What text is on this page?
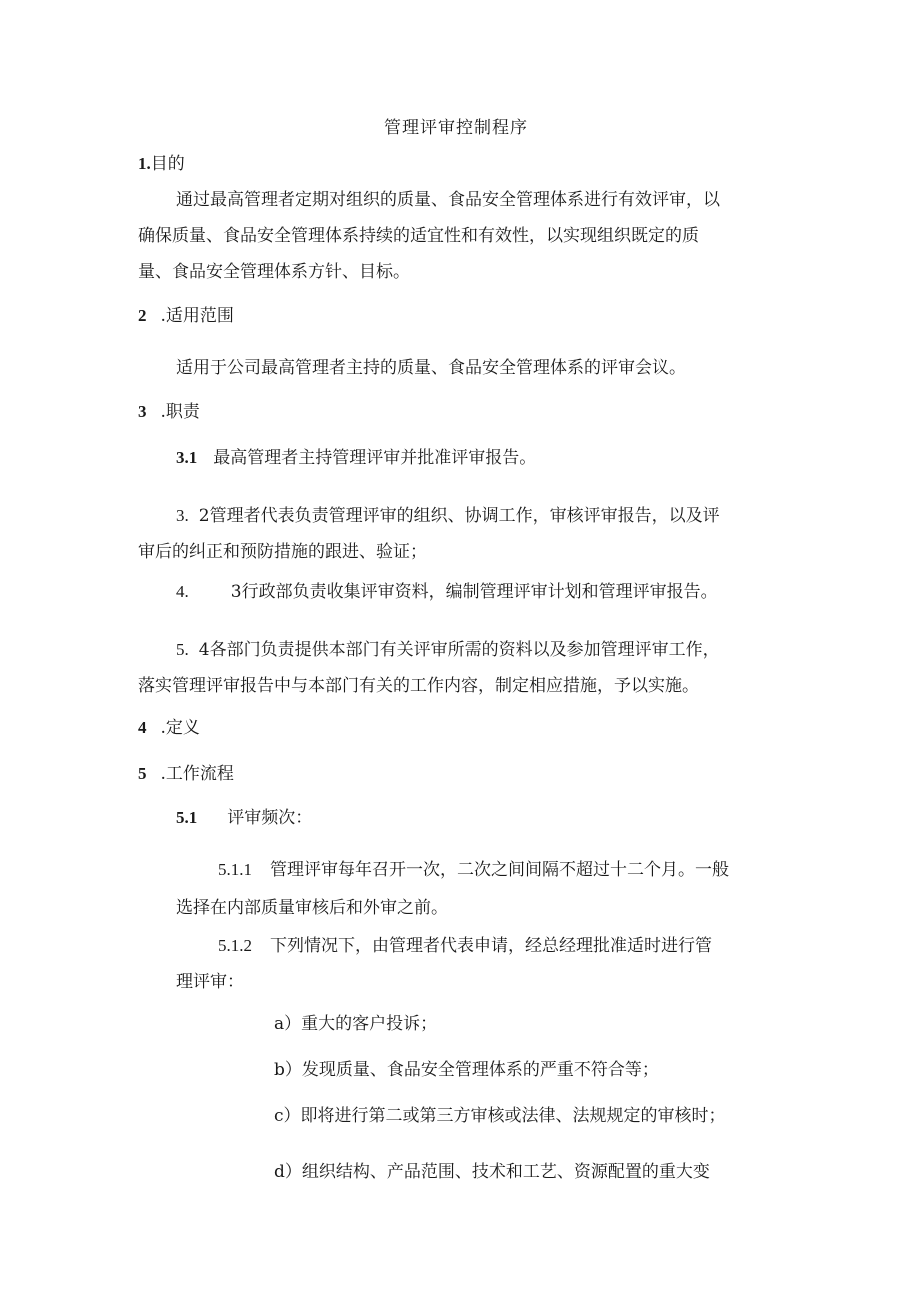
管理评审控制程序
1.目的
通过最高管理者定期对组织的质量、食品安全管理体系进行有效评审，以
确保质量、食品安全管理体系持续的适宜性和有效性，以实现组织既定的质
量、食品安全管理体系方针、目标。
2 .适用范围
适用于公司最高管理者主持的质量、食品安全管理体系的评审会议。
3 .职责
3.1 最高管理者主持管理评审并批准评审报告。
3. 2管理者代表负责管理评审的组织、协调工作，审核评审报告，以及评
审后的纠正和预防措施的跟进、验证；
4. 3行政部负责收集评审资料，编制管理评审计划和管理评审报告。
5. 4各部门负责提供本部门有关评审所需的资料以及参加管理评审工作，
落实管理评审报告中与本部门有关的工作内容，制定相应措施，予以实施。
4 .定义
5 .工作流程
5.1 评审频次：
5.1.1 管理评审每年召开一次，二次之间间隔不超过十二个月。一般
选择在内部质量审核后和外审之前。
5.1.2 下列情况下，由管理者代表申请，经总经理批准适时进行管
理评审：
a）重大的客户投诉；
b）发现质量、食品安全管理体系的严重不符合等；
c）即将进行第二或第三方审核或法律、法规规定的审核时；
d）组织结构、产品范围、技术和工艺、资源配置的重大变
